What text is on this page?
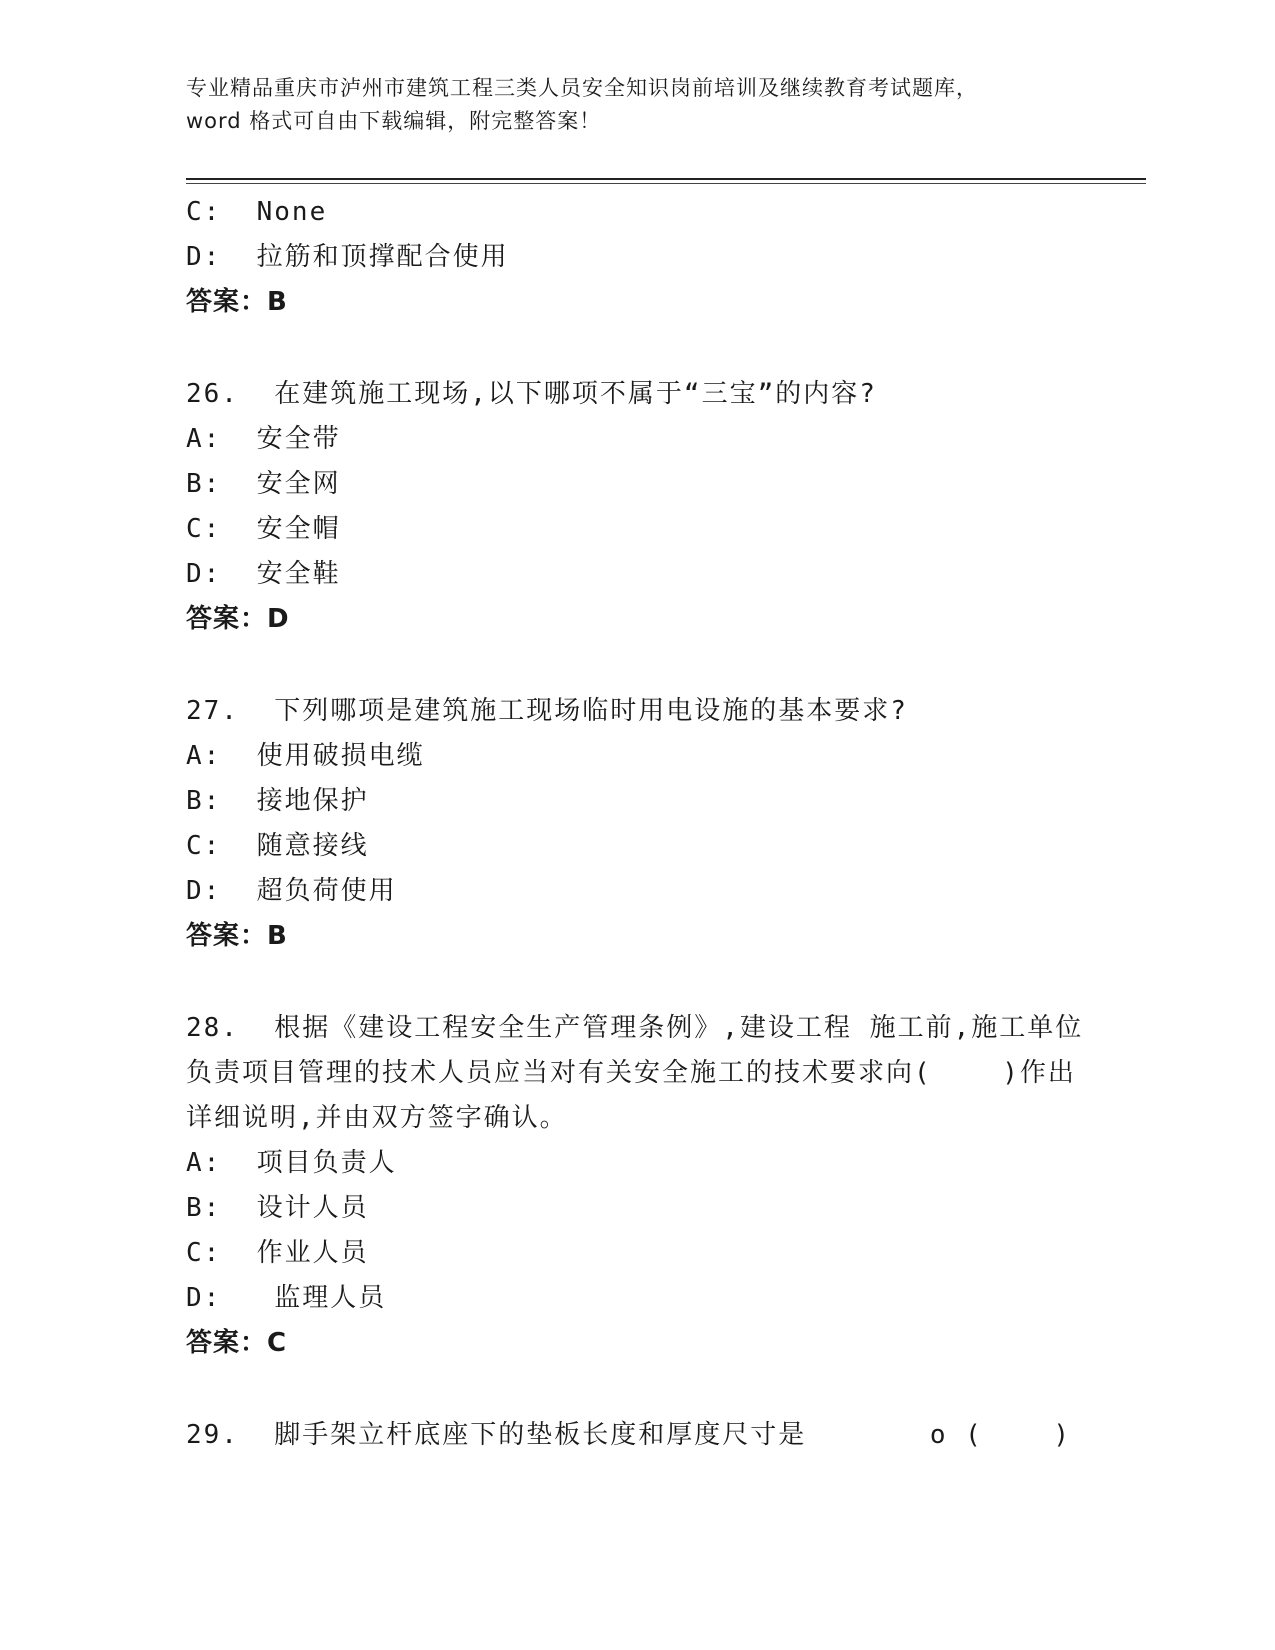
专业精品重庆市泸州市建筑工程三类人员安全知识岗前培训及继续教育考试题库，
word 格式可自由下载编辑，附完整答案！
C:  None
D:  拉筋和顶撑配合使用
答案：B
26.  在建筑施工现场,以下哪项不属于“三宝”的内容?
A:  安全带
B:  安全网
C:  安全帽
D:  安全鞋
答案：D
27.  下列哪项是建筑施工现场临时用电设施的基本要求?
A:  使用破损电缆
B:  接地保护
C:  随意接线
D:  超负荷使用
答案：B
28.  根据《建设工程安全生产管理条例》,建设工程 施工前,施工单位
负责项目管理的技术人员应当对有关安全施工的技术要求向(    )作出
详细说明,并由双方签字确认。
A:  项目负责人
B:  设计人员
C:  作业人员
D:   监理人员
答案：C
29.  脚手架立杆底座下的垫板长度和厚度尺寸是       o (    )
